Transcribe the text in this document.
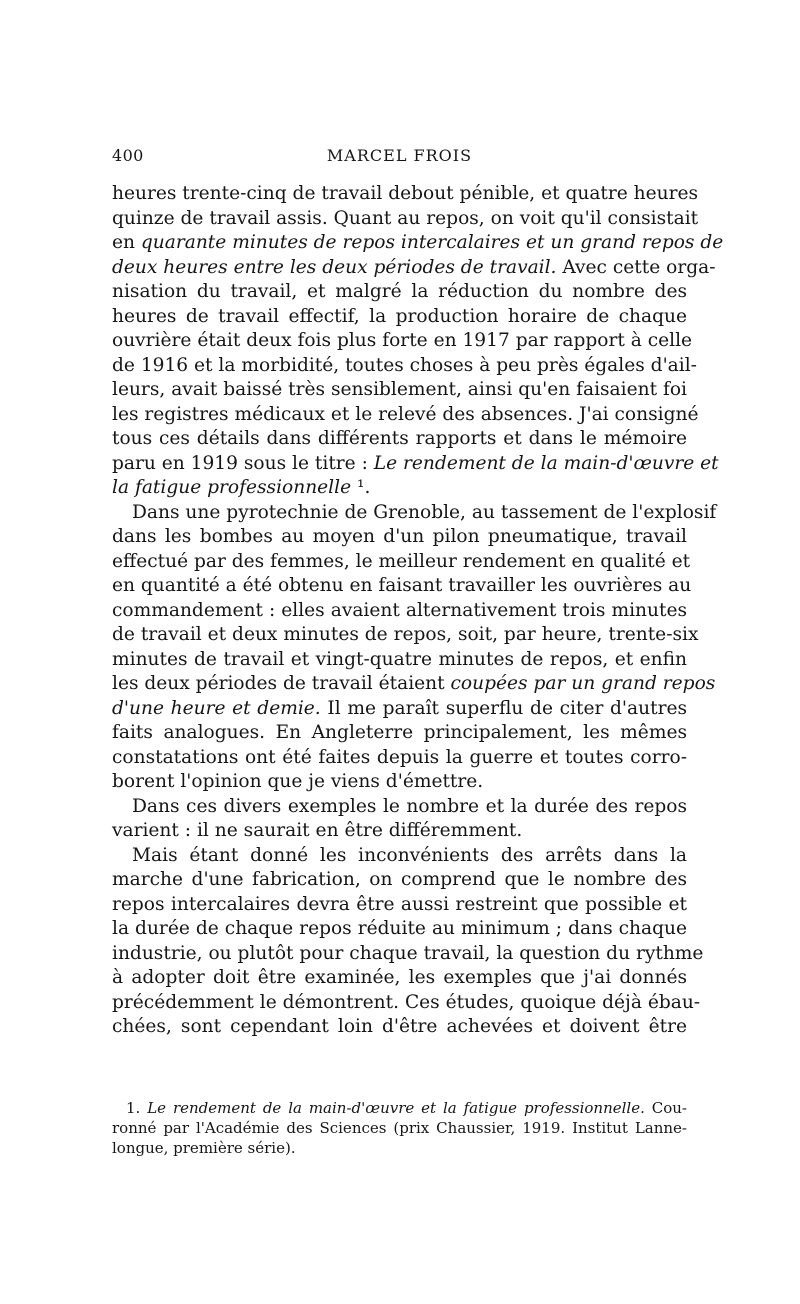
400	MARCEL FROIS
heures trente-cinq de travail debout pénible, et quatre heures
quinze de travail assis. Quant au repos, on voit qu'il consistait
en quarante minutes de repos intercalaires et un grand repos de
deux heures entre les deux périodes de travail. Avec cette orga-
nisation du travail, et malgré la réduction du nombre des
heures de travail effectif, la production horaire de chaque
ouvrière était deux fois plus forte en 1917 par rapport à celle
de 1916 et la morbidité, toutes choses à peu près égales d'ail-
leurs, avait baissé très sensiblement, ainsi qu'en faisaient foi
les registres médicaux et le relevé des absences. J'ai consigné
tous ces détails dans différents rapports et dans le mémoire
paru en 1919 sous le titre : Le rendement de la main-d'œuvre et
la fatigue professionnelle ¹.
Dans une pyrotechnie de Grenoble, au tassement de l'explosif
dans les bombes au moyen d'un pilon pneumatique, travail
effectué par des femmes, le meilleur rendement en qualité et
en quantité a été obtenu en faisant travailler les ouvrières au
commandement : elles avaient alternativement trois minutes
de travail et deux minutes de repos, soit, par heure, trente-six
minutes de travail et vingt-quatre minutes de repos, et enfin
les deux périodes de travail étaient coupées par un grand repos
d'une heure et demie. Il me paraît superflu de citer d'autres
faits analogues. En Angleterre principalement, les mêmes
constatations ont été faites depuis la guerre et toutes corro-
borent l'opinion que je viens d'émettre.
Dans ces divers exemples le nombre et la durée des repos
varient : il ne saurait en être différemment.
Mais étant donné les inconvénients des arrêts dans la
marche d'une fabrication, on comprend que le nombre des
repos intercalaires devra être aussi restreint que possible et
la durée de chaque repos réduite au minimum ; dans chaque
industrie, ou plutôt pour chaque travail, la question du rythme
à adopter doit être examinée, les exemples que j'ai donnés
précédemment le démontrent. Ces études, quoique déjà ébau-
chées, sont cependant loin d'être achevées et doivent être
1. Le rendement de la main-d'œuvre et la fatigue professionnelle. Cou-
ronné par l'Académie des Sciences (prix Chaussier, 1919. Institut Lanne-
longue, première série).
